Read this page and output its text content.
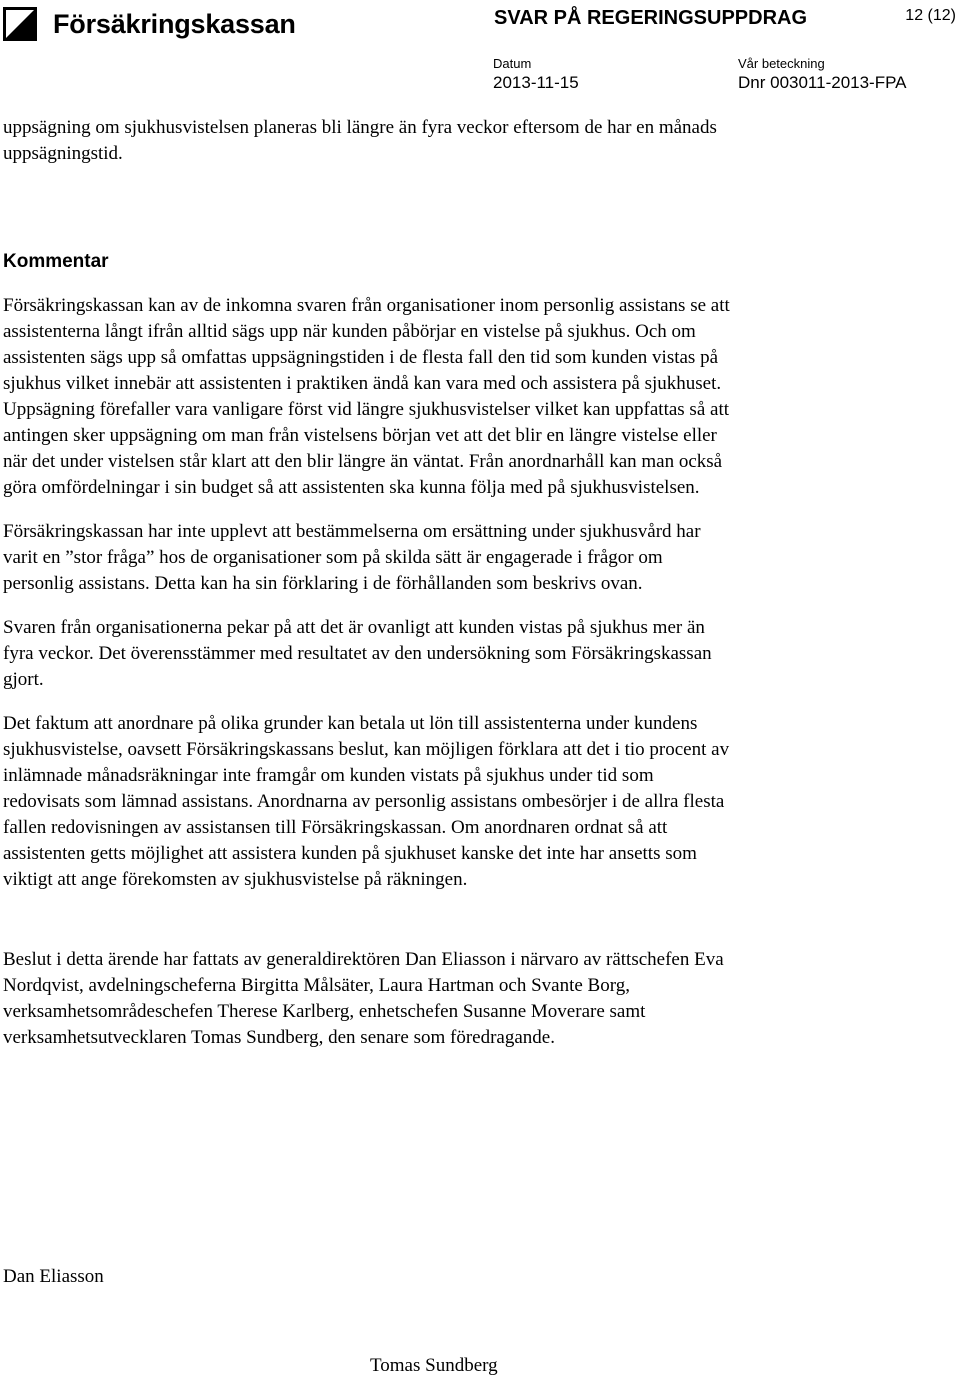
Försäkringskassan	SVAR PÅ REGERINGSUPPDRAG	12 (12)
Datum
2013-11-15
Vår beteckning
Dnr 003011-2013-FPA

uppsägning om sjukhusvistelsen planeras bli längre än fyra veckor eftersom de har en månads uppsägningstid.

Kommentar

Försäkringskassan kan av de inkomna svaren från organisationer inom personlig assistans se att assistenterna långt ifrån alltid sägs upp när kunden påbörjar en vistelse på sjukhus. Och om assistenten sägs upp så omfattas uppsägningstiden i de flesta fall den tid som kunden vistas på sjukhus vilket innebär att assistenten i praktiken ändå kan vara med och assistera på sjukhuset. Uppsägning förefaller vara vanligare först vid längre sjukhusvistelser vilket kan uppfattas så att antingen sker uppsägning om man från vistelsens början vet att det blir en längre vistelse eller när det under vistelsen står klart att den blir längre än väntat. Från anordnarhåll kan man också göra omfördelningar i sin budget så att assistenten ska kunna följa med på sjukhusvistelsen.

Försäkringskassan har inte upplevt att bestämmelserna om ersättning under sjukhusvård har varit en ”stor fråga” hos de organisationer som på skilda sätt är engagerade i frågor om personlig assistans. Detta kan ha sin förklaring i de förhållanden som beskrivs ovan.

Svaren från organisationerna pekar på att det är ovanligt att kunden vistas på sjukhus mer än fyra veckor. Det överensstämmer med resultatet av den undersökning som Försäkringskassan gjort.

Det faktum att anordnare på olika grunder kan betala ut lön till assistenterna under kundens sjukhusvistelse, oavsett Försäkringskassans beslut, kan möjligen förklara att det i tio procent av inlämnade månadsräkningar inte framgår om kunden vistats på sjukhus under tid som redovisats som lämnad assistans. Anordnarna av personlig assistans ombesörjer i de allra flesta fallen redovisningen av assistansen till Försäkringskassan. Om anordnaren ordnat så att assistenten getts möjlighet att assistera kunden på sjukhuset kanske det inte har ansetts som viktigt att ange förekomsten av sjukhusvistelse på räkningen.

Beslut i detta ärende har fattats av generaldirektören Dan Eliasson i närvaro av rättschefen Eva Nordqvist, avdelningscheferna Birgitta Målsäter, Laura Hartman och Svante Borg, verksamhetsområdeschefen Therese Karlberg, enhetschefen Susanne Moverare samt verksamhetsutvecklaren Tomas Sundberg, den senare som föredragande.

Dan Eliasson
Tomas Sundberg
